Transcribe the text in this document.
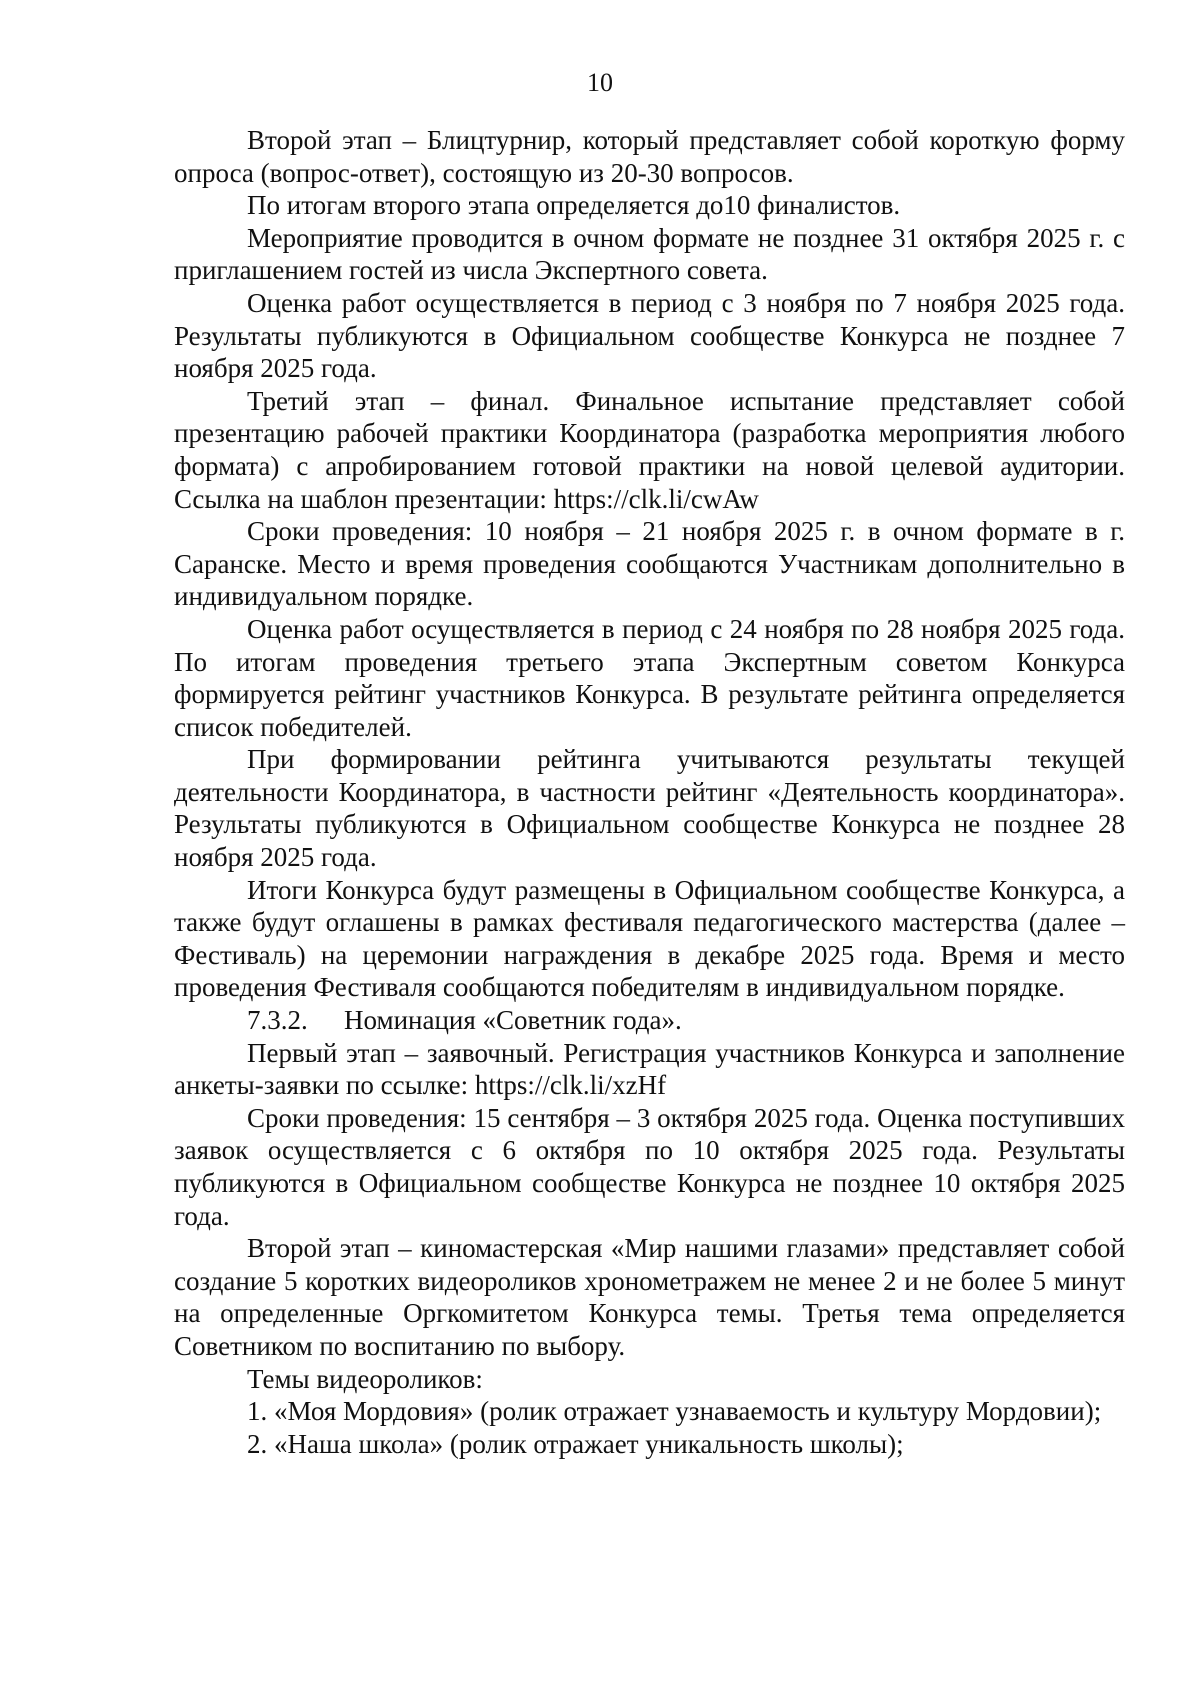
10

Второй этап – Блицтурнир, который представляет собой короткую форму опроса (вопрос-ответ), состоящую из 20-30 вопросов.

По итогам второго этапа определяется до10 финалистов.

Мероприятие проводится в очном формате не позднее 31 октября 2025 г. с приглашением гостей из числа Экспертного совета.

Оценка работ осуществляется в период с 3 ноября по 7 ноября 2025 года. Результаты публикуются в Официальном сообществе Конкурса не позднее 7 ноября 2025 года.

Третий этап – финал. Финальное испытание представляет собой презентацию рабочей практики Координатора (разработка мероприятия любого формата) с апробированием готовой практики на новой целевой аудитории. Ссылка на шаблон презентации: https://clk.li/cwAw

Сроки проведения: 10 ноября – 21 ноября 2025 г. в очном формате в г. Саранске. Место и время проведения сообщаются Участникам дополнительно в индивидуальном порядке.

Оценка работ осуществляется в период с 24 ноября по 28 ноября 2025 года. По итогам проведения третьего этапа Экспертным советом Конкурса формируется рейтинг участников Конкурса. В результате рейтинга определяется список победителей.

При формировании рейтинга учитываются результаты текущей деятельности Координатора, в частности рейтинг «Деятельность координатора». Результаты публикуются в Официальном сообществе Конкурса не позднее 28 ноября 2025 года.

Итоги Конкурса будут размещены в Официальном сообществе Конкурса, а также будут оглашены в рамках фестиваля педагогического мастерства (далее – Фестиваль) на церемонии награждения в декабре 2025 года. Время и место проведения Фестиваля сообщаются победителям в индивидуальном порядке.

7.3.2. Номинация «Советник года».

Первый этап – заявочный. Регистрация участников Конкурса и заполнение анкеты-заявки по ссылке: https://clk.li/xzHf

Сроки проведения: 15 сентября – 3 октября 2025 года. Оценка поступивших заявок осуществляется с 6 октября по 10 октября 2025 года. Результаты публикуются в Официальном сообществе Конкурса не позднее 10 октября 2025 года.

Второй этап – киномастерская «Мир нашими глазами» представляет собой создание 5 коротких видеороликов хронометражем не менее 2 и не более 5 минут на определенные Оргкомитетом Конкурса темы. Третья тема определяется Советником по воспитанию по выбору.

Темы видеороликов:

1. «Моя Мордовия» (ролик отражает узнаваемость и культуру Мордовии);

2. «Наша школа» (ролик отражает уникальность школы);
